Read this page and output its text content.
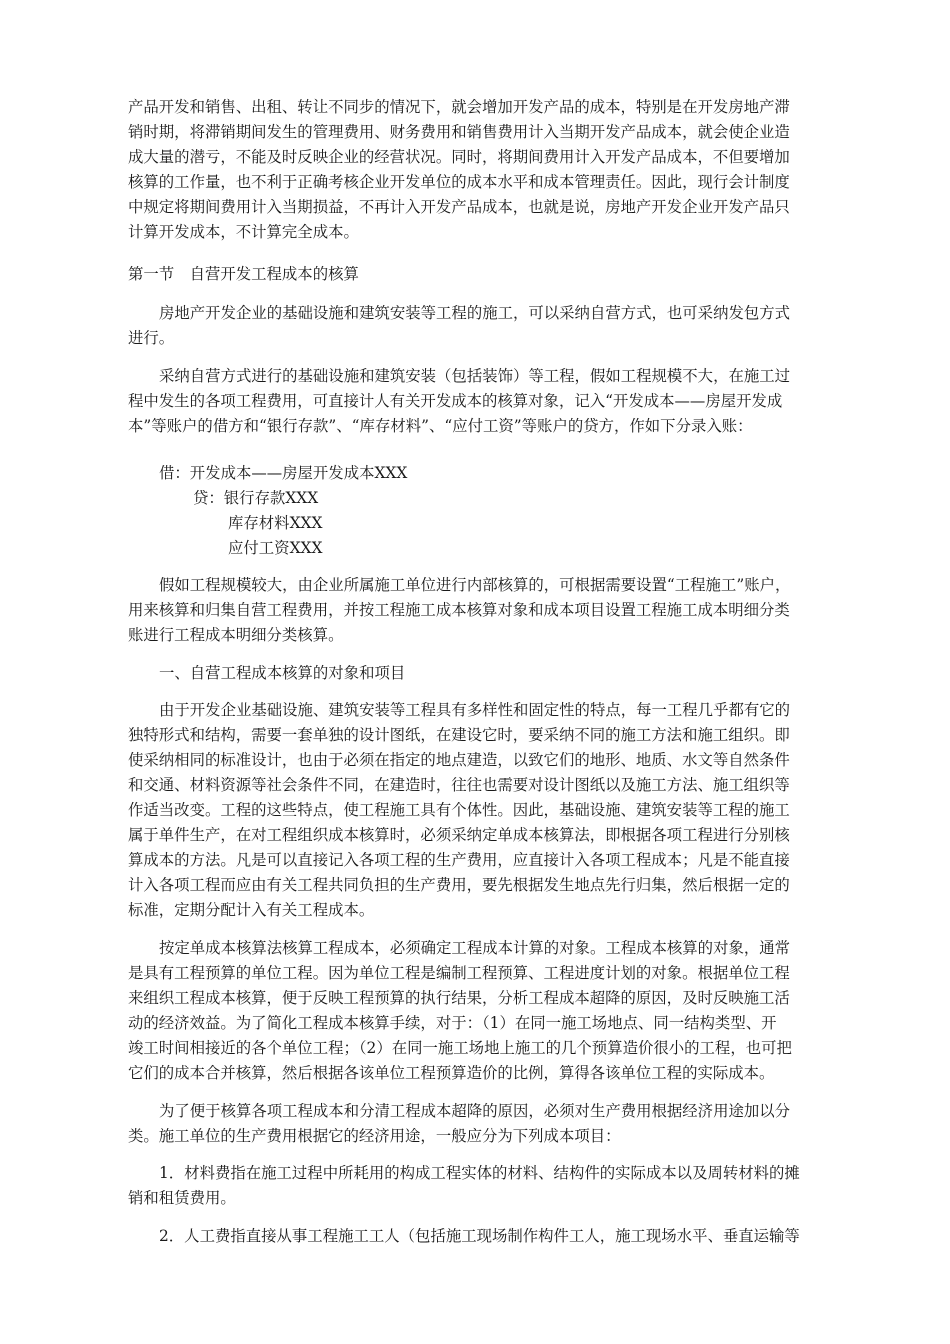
产品开发和销售、出租、转让不同步的情况下，就会增加开发产品的成本，特别是在开发房地产滞
销时期，将滞销期间发生的管理费用、财务费用和销售费用计入当期开发产品成本，就会使企业造
成大量的潜亏，不能及时反映企业的经营状况。同时，将期间费用计入开发产品成本，不但要增加
核算的工作量，也不利于正确考核企业开发单位的成本水平和成本管理责任。因此，现行会计制度
中规定将期间费用计入当期损益，不再计入开发产品成本，也就是说，房地产开发企业开发产品只
计算开发成本，不计算完全成本。
第一节　自营开发工程成本的核算
房地产开发企业的基础设施和建筑安装等工程的施工，可以采纳自营方式，也可采纳发包方式
进行。
采纳自营方式进行的基础设施和建筑安装（包括装饰）等工程，假如工程规模不大，在施工过
程中发生的各项工程费用，可直接计人有关开发成本的核算对象，记入“开发成本——房屋开发成
本”等账户的借方和“银行存款”、“库存材料”、“应付工资”等账户的贷方，作如下分录入账：
借：开发成本——房屋开发成本XXX
贷：银行存款XXX
库存材料XXX
应付工资XXX
假如工程规模较大，由企业所属施工单位进行内部核算的，可根据需要设置“工程施工”账户，
用来核算和归集自营工程费用，并按工程施工成本核算对象和成本项目设置工程施工成本明细分类
账进行工程成本明细分类核算。
一、自营工程成本核算的对象和项目
由于开发企业基础设施、建筑安装等工程具有多样性和固定性的特点，每一工程几乎都有它的
独特形式和结构，需要一套单独的设计图纸，在建设它时，要采纳不同的施工方法和施工组织。即
使采纳相同的标准设计，也由于必须在指定的地点建造，以致它们的地形、地质、水文等自然条件
和交通、材料资源等社会条件不同，在建造时，往往也需要对设计图纸以及施工方法、施工组织等
作适当改变。工程的这些特点，使工程施工具有个体性。因此，基础设施、建筑安装等工程的施工
属于单件生产，在对工程组织成本核算时，必须采纳定单成本核算法，即根据各项工程进行分别核
算成本的方法。凡是可以直接记入各项工程的生产费用，应直接计入各项工程成本；凡是不能直接
计入各项工程而应由有关工程共同负担的生产费用，要先根据发生地点先行归集，然后根据一定的
标准，定期分配计入有关工程成本。
按定单成本核算法核算工程成本，必须确定工程成本计算的对象。工程成本核算的对象，通常
是具有工程预算的单位工程。因为单位工程是编制工程预算、工程进度计划的对象。根据单位工程
来组织工程成本核算，便于反映工程预算的执行结果，分析工程成本超降的原因，及时反映施工活
动的经济效益。为了简化工程成本核算手续，对于：（1）在同一施工场地点、同一结构类型、开
竣工时间相接近的各个单位工程；（2）在同一施工场地上施工的几个预算造价很小的工程，也可把
它们的成本合并核算，然后根据各该单位工程预算造价的比例，算得各该单位工程的实际成本。
为了便于核算各项工程成本和分清工程成本超降的原因，必须对生产费用根据经济用途加以分
类。施工单位的生产费用根据它的经济用途，一般应分为下列成本项目：
1．材料费指在施工过程中所耗用的构成工程实体的材料、结构件的实际成本以及周转材料的摊
销和租赁费用。
2．人工费指直接从事工程施工工人（包括施工现场制作构件工人，施工现场水平、垂直运输等
